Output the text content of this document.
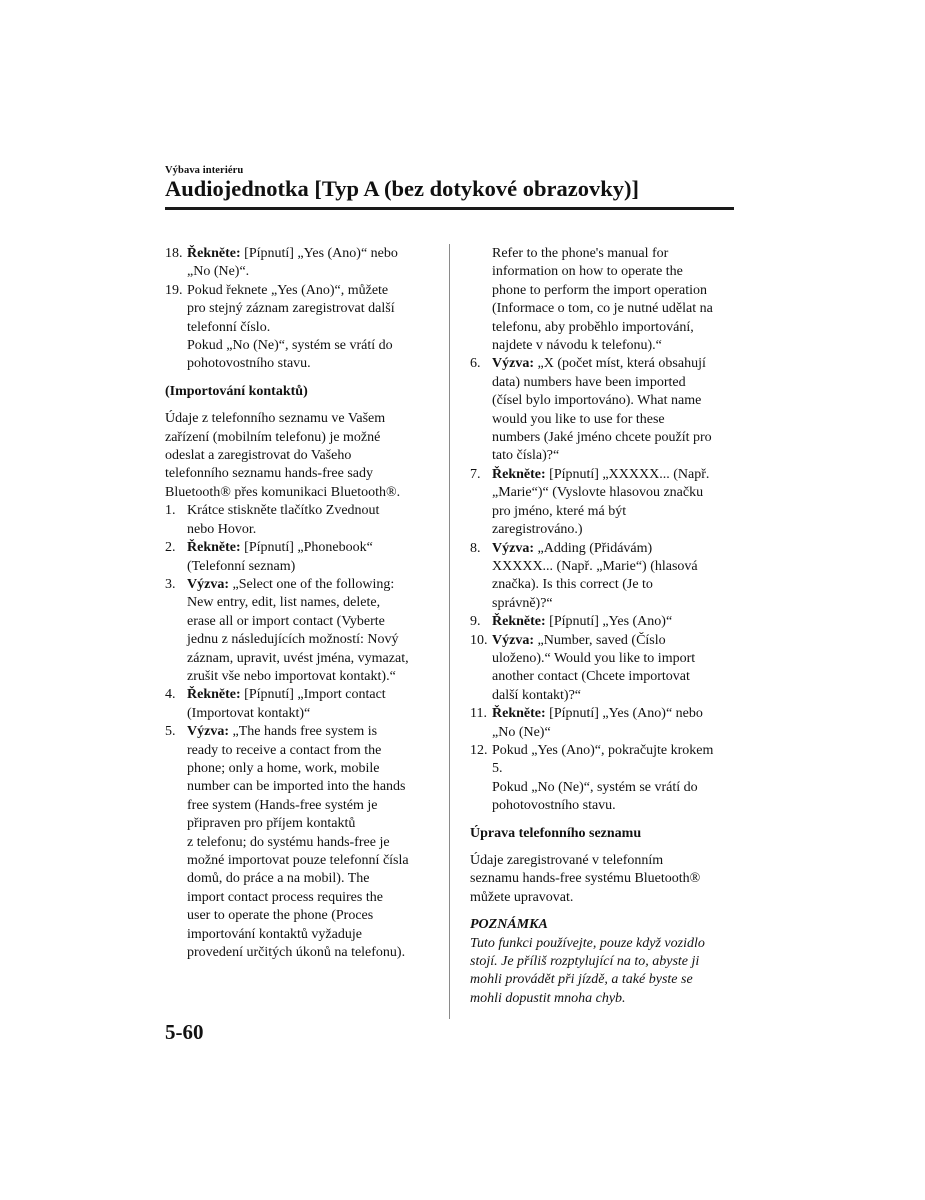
Výbava interiéru
Audiojednotka [Typ A (bez dotykové obrazovky)]
18. Řekněte: [Pípnutí] „Yes (Ano)“ nebo
„No (Ne)“.
19. Pokud řeknete „Yes (Ano)“, můžete
pro stejný záznam zaregistrovat další
telefonní číslo.
Pokud „No (Ne)“, systém se vrátí do
pohotovostního stavu.
(Importování kontaktů)
Údaje z telefonního seznamu ve Vašem
zařízení (mobilním telefonu) je možné
odeslat a zaregistrovat do Vašeho
telefonního seznamu hands-free sady
Bluetooth® přes komunikaci Bluetooth®.
1. Krátce stiskněte tlačítko Zvednout
nebo Hovor.
2. Řekněte: [Pípnutí] „Phonebook“
(Telefonní seznam)
3. Výzva: „Select one of the following:
New entry, edit, list names, delete,
erase all or import contact (Vyberte
jednu z následujících možností: Nový
záznam, upravit, uvést jména, vymazat,
zrušit vše nebo importovat kontakt).“
4. Řekněte: [Pípnutí] „Import contact
(Importovat kontakt)“
5. Výzva: „The hands free system is
ready to receive a contact from the
phone; only a home, work, mobile
number can be imported into the hands
free system (Hands-free systém je
připraven pro příjem kontaktů
z telefonu; do systému hands-free je
možné importovat pouze telefonní čísla
domů, do práce a na mobil). The
import contact process requires the
user to operate the phone (Proces
importování kontaktů vyžaduje
provedení určitých úkonů na telefonu).
Refer to the phone's manual for
information on how to operate the
phone to perform the import operation
(Informace o tom, co je nutné udělat na
telefonu, aby proběhlo importování,
najdete v návodu k telefonu).“
6. Výzva: „X (počet míst, která obsahují
data) numbers have been imported
(čísel bylo importováno). What name
would you like to use for these
numbers (Jaké jméno chcete použít pro
tato čísla)?“
7. Řekněte: [Pípnutí] „XXXXX... (Např.
„Marie“)“ (Vyslovte hlasovou značku
pro jméno, které má být
zaregistrováno.)
8. Výzva: „Adding (Přidávám)
XXXXX... (Např. „Marie“) (hlasová
značka). Is this correct (Je to
správně)?“
9. Řekněte: [Pípnutí] „Yes (Ano)“
10. Výzva: „Number, saved (Číslo
uloženo).“ Would you like to import
another contact (Chcete importovat
další kontakt)?“
11. Řekněte: [Pípnutí] „Yes (Ano)“ nebo
„No (Ne)“
12. Pokud „Yes (Ano)“, pokračujte krokem
5.
Pokud „No (Ne)“, systém se vrátí do
pohotovostního stavu.
Úprava telefonního seznamu
Údaje zaregistrované v telefonním
seznamu hands-free systému Bluetooth®
můžete upravovat.
POZNÁMKA
Tuto funkci používejte, pouze když vozidlo
stojí. Je příliš rozptylující na to, abyste ji
mohli provádět při jízdě, a také byste se
mohli dopustit mnoha chyb.
5-60
